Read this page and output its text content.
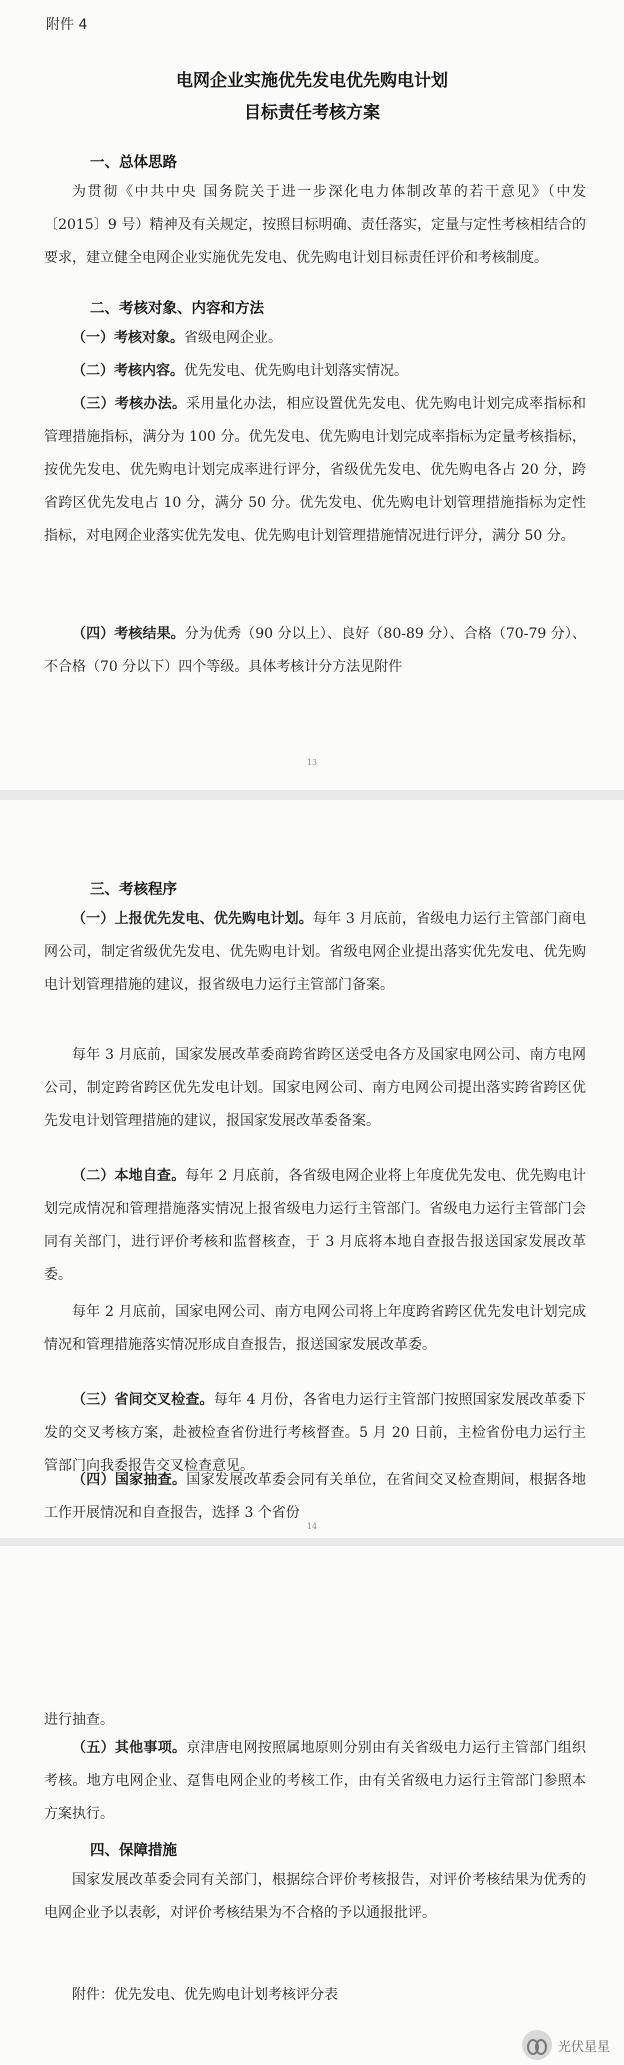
附件 4
电网企业实施优先发电优先购电计划
目标责任考核方案
一、总体思路
为贯彻《中共中央 国务院关于进一步深化电力体制改革的若干意见》（中发〔2015〕9 号）精神及有关规定，按照目标明确、责任落实，定量与定性考核相结合的要求，建立健全电网企业实施优先发电、优先购电计划目标责任评价和考核制度。
二、考核对象、内容和方法
（一）考核对象。省级电网企业。
（二）考核内容。优先发电、优先购电计划落实情况。
（三）考核办法。采用量化办法，相应设置优先发电、优先购电计划完成率指标和管理措施指标，满分为 100 分。优先发电、优先购电计划完成率指标为定量考核指标，按优先发电、优先购电计划完成率进行评分，省级优先发电、优先购电各占 20 分，跨省跨区优先发电占 10 分，满分 50 分。优先发电、优先购电计划管理措施指标为定性指标，对电网企业落实优先发电、优先购电计划管理措施情况进行评分，满分 50 分。
（四）考核结果。分为优秀（90 分以上）、良好（80-89 分）、合格（70-79 分）、不合格（70 分以下）四个等级。具体考核计分方法见附件
13
三、考核程序
（一）上报优先发电、优先购电计划。每年 3 月底前，省级电力运行主管部门商电网公司，制定省级优先发电、优先购电计划。省级电网企业提出落实优先发电、优先购电计划管理措施的建议，报省级电力运行主管部门备案。
每年 3 月底前，国家发展改革委商跨省跨区送受电各方及国家电网公司、南方电网公司，制定跨省跨区优先发电计划。国家电网公司、南方电网公司提出落实跨省跨区优先发电计划管理措施的建议，报国家发展改革委备案。
（二）本地自查。每年 2 月底前，各省级电网企业将上年度优先发电、优先购电计划完成情况和管理措施落实情况上报省级电力运行主管部门。省级电力运行主管部门会同有关部门，进行评价考核和监督核查，于 3 月底将本地自查报告报送国家发展改革委。
每年 2 月底前，国家电网公司、南方电网公司将上年度跨省跨区优先发电计划完成情况和管理措施落实情况形成自查报告，报送国家发展改革委。
（三）省间交叉检查。每年 4 月份，各省电力运行主管部门按照国家发展改革委下发的交叉考核方案，赴被检查省份进行考核督查。5 月 20 日前，主检省份电力运行主管部门向我委报告交叉检查意见。
（四）国家抽查。国家发展改革委会同有关单位，在省间交叉检查期间，根据各地工作开展情况和自查报告，选择 3 个省份
14
进行抽查。
（五）其他事项。京津唐电网按照属地原则分别由有关省级电力运行主管部门组织考核。地方电网企业、趸售电网企业的考核工作，由有关省级电力运行主管部门参照本方案执行。
四、保障措施
国家发展改革委会同有关部门，根据综合评价考核报告，对评价考核结果为优秀的电网企业予以表彰，对评价考核结果为不合格的予以通报批评。
附件：优先发电、优先购电计划考核评分表
光伏星星
